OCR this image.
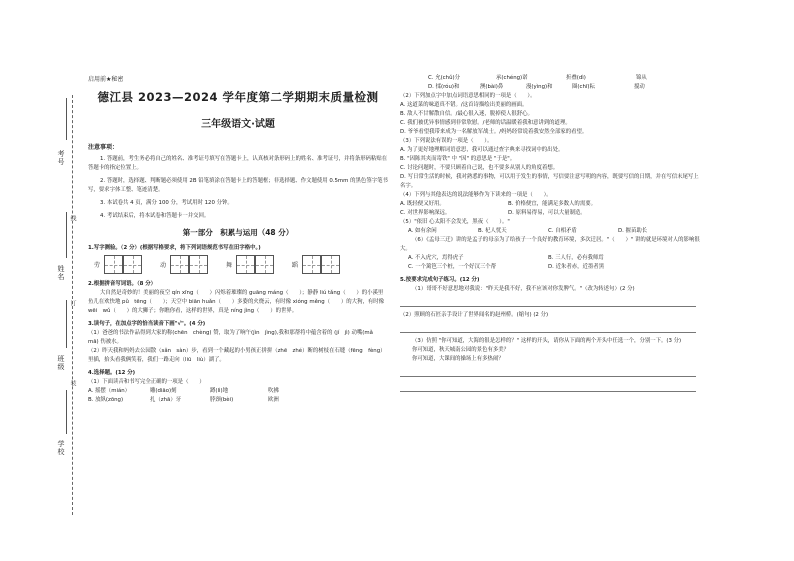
考号
姓名
班级
学校
线
订
装
启用前★秘密
德江县 2023—2024 学年度第二学期期末质量检测
三年级语文·试题
注意事项：
1. 答题前，考生务必将自己的姓名、准考证号填写在答题卡上，认真核对条形码上的姓名、准考证号，并将条形码粘贴在答题卡的指定位置上。
2. 答题时，选择题、判断题必须使用 2B 铅笔填涂在答题卡上的答题框；非选择题、作文题使用 0.5mm 的黑色签字笔书写，要求字体工整、笔迹清楚。
3. 本试卷共 4 页，满分 100 分，考试用时 120 分钟。
4. 考试结束后，将本试卷和答题卡一并交回。
第一部分　积累与运用（48 分）
1.写字测验。（2 分）(根据写格要求，将下列词语规范书写在田字格中。)
劳	动	舞	蹈
2.根据拼音写词语。（8 分）
大自然是奇妙的！美丽的夜空 qín xīng（　　）闪烁着璀璨的 guāng máng（　　）；静静 liú tǎng（　　）的小溪里鱼儿在欢快地 pǔ　tēng（　　）；天空中 biān huǎn（　　）多姿的火烧云，有时像 xióng měng（　　）的大狗，有时像 wēi　wǔ（　　）的大狮子；你瞧你看，这样的世界，真是 níng jìng（　　）的世界。
3.读句子，在加点字的恰当读音下画"√"。(4 分)
（1）爸爸的书法作品得到大家的称(chēn　chèng) 赞，取为了晌午(jìn　jìng),我和那帮将中蕴含着的 (jí　jì) 动嘴(mǎ　mā) 伤被水。
（2）昨天我和妈妈去公园散（sǎn　sàn）步，看到一个藏起的小男孩正拼拼（zhē　zhé）断的树枝在石缝（fēng　fèng）里插，抬头看我俩笑着，我们一路走向（liū　liù）湖了。
4.选择题。(12 分)
（1）下面读音和书写完全正确的一项是（　　）
A. 摇摆（mián）	雕(diāo)刻	蹲(lì)地	吹拂
B. 放纵(zōng)	扎（zhā）牙	脖颈(bèi)	欧洲
C. 允(chǔ)分	承(chéng)诺	折叠(dì)	锦从
D. 揉(róu)和	澳(bài)鼻	漫(yìng)和	圈(chī)耘	搅动
（2）下列加点字中加点词语意思相同的一项是（　　）。
A. 这道菜的味道真不错。/这首诗描绘出美丽的画面。
B. 敌人不甘解散自信。/最心很入迷，脱掉使人很舒心。
C. 我们被优异事情感到非常欣慰。/老师的话温暖着我和意讲到的道理。
D. 爷爷看望我带来成为一名解放军战士。/妈妈经常说着我安然全部家的看望。
（3）下列说法有误的一项是（　　）。
A. 为了更好地理解词语意思，我可以通过查字典来寻找词中的出处。
B. "因陈其夹而寄铁" 中 "因" 的意思是 "于是"。
C. 讨论问题时，不要只顾着自己说，也不要多从别人的角度着想。
D. 写日常生活的时候，我对熟悉的事物，可以用于发生的事情，写信要注意写明的内容，既要写信的日期，并在写信末尾写上名字。
（4）下列与其他表达的说法能够作为下读来的一项是（　　）。
A. 既轻便又好用。	B. 价格便宜，能满足多数人的需要。
C. 对世界影响深远。	D. 原料易得易，可以大量制造。
（5）"依旧 心太阳不会发光，黑夜（　　）。"
A. 如有余闲	B. 杞人忧天	C. 自相矛盾	D. 揠苗助长
（6）《孟母三迁》讲的是孟子的母亲为了给孩子一个良好的教育环境，多次迁居。"（　　）" 讲的就是环境对人的影响很大。
A. 不入虎穴，焉得虎子	B. 三人行，必有我师焉
C. 一个篱笆三个桩，一个好汉三个帮	D. 近朱者赤，近墨者黑
5.按要求完成句子练习。(12 分)
（1）哥哥不好意思地对我说："昨天是我不好，我不应该对你发脾气。"（改为转述句）(2 分)
（2）照顾的石匠亲手设计了世界闻名的赵州桥。(缩句) (2 分)
（3）仿照 "你可知道，大海的很是怎样的？" 这样的开头，请你从下面的两个开头中任选一个，分别一下。(3 分)
你可知道，秋天城南公园的景色有多美？
你可知道，大课间的操场上有多热闹？
